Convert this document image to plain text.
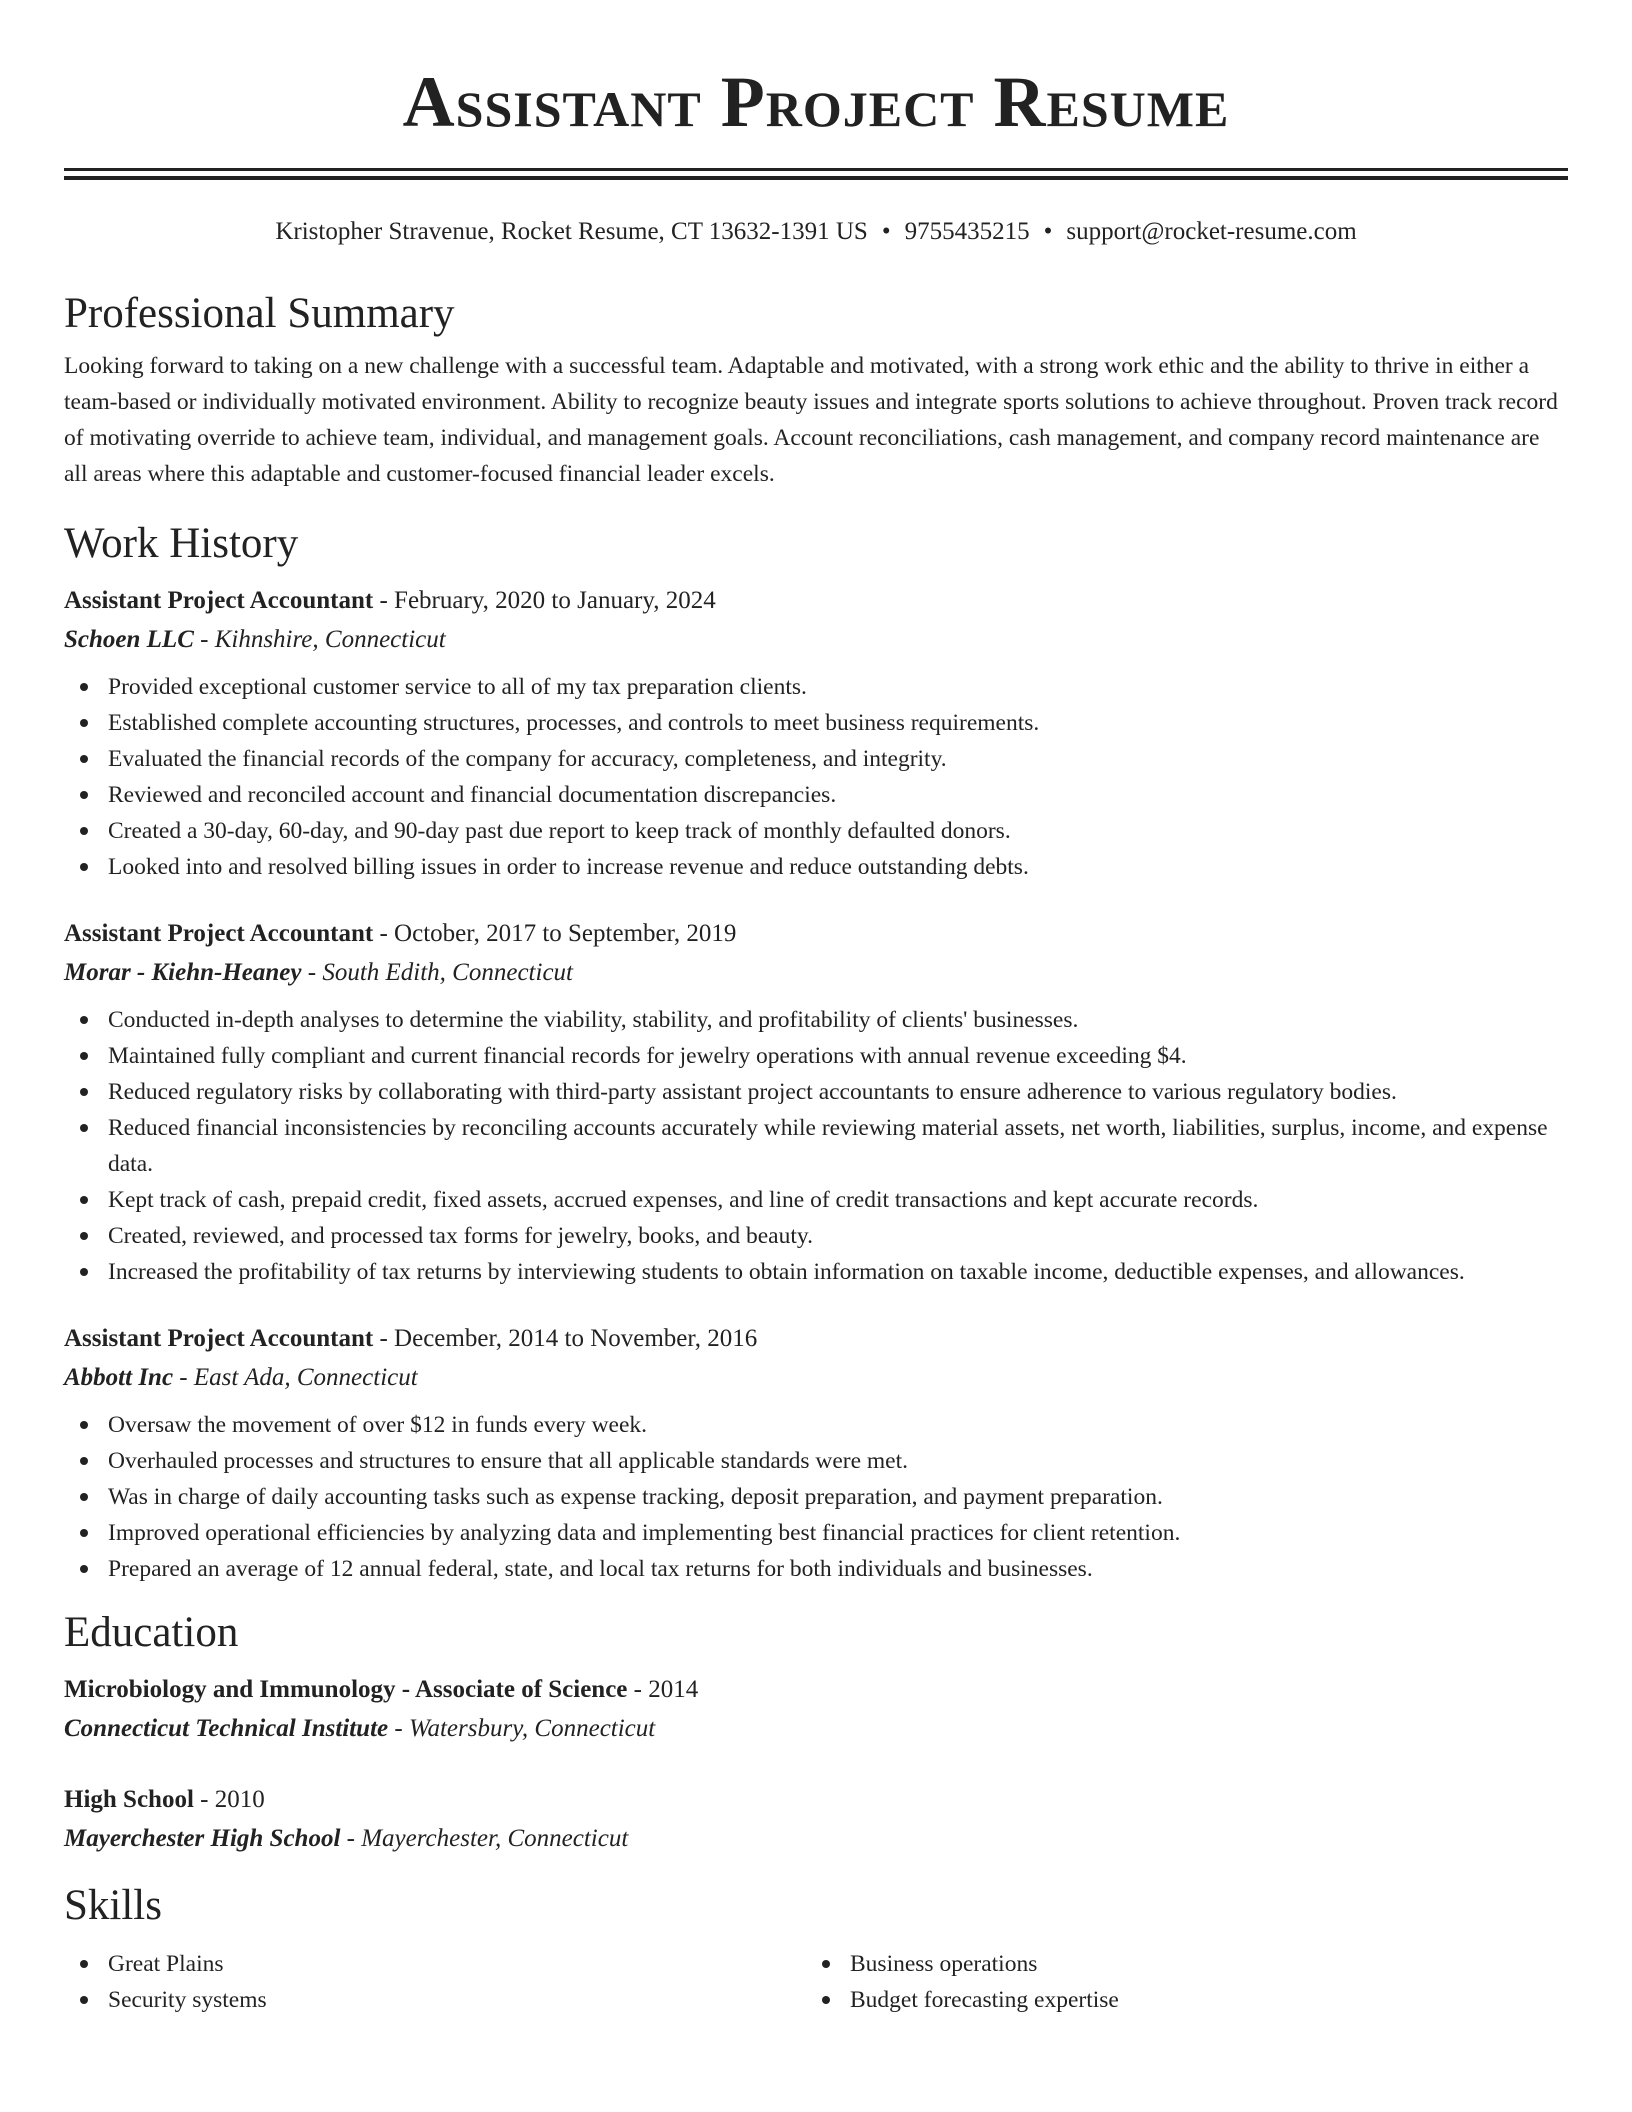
Assistant Project Resume
Kristopher Stravenue, Rocket Resume, CT 13632-1391 US • 9755435215 • support@rocket-resume.com
Professional Summary

Looking forward to taking on a new challenge with a successful team. Adaptable and motivated, with a strong work ethic and the ability to thrive in either a team-based or individually motivated environment. Ability to recognize beauty issues and integrate sports solutions to achieve throughout. Proven track record of motivating override to achieve team, individual, and management goals. Account reconciliations, cash management, and company record maintenance are all areas where this adaptable and customer-focused financial leader excels.

Work History
Assistant Project Accountant - February, 2020 to January, 2024
Schoen LLC - Kihnshire, Connecticut
Provided exceptional customer service to all of my tax preparation clients.
Established complete accounting structures, processes, and controls to meet business requirements.
Evaluated the financial records of the company for accuracy, completeness, and integrity.
Reviewed and reconciled account and financial documentation discrepancies.
Created a 30-day, 60-day, and 90-day past due report to keep track of monthly defaulted donors.
Looked into and resolved billing issues in order to increase revenue and reduce outstanding debts.
Assistant Project Accountant - October, 2017 to September, 2019
Morar - Kiehn-Heaney - South Edith, Connecticut
Conducted in-depth analyses to determine the viability, stability, and profitability of clients' businesses.
Maintained fully compliant and current financial records for jewelry operations with annual revenue exceeding $4.
Reduced regulatory risks by collaborating with third-party assistant project accountants to ensure adherence to various regulatory bodies.
Reduced financial inconsistencies by reconciling accounts accurately while reviewing material assets, net worth, liabilities, surplus, income, and expense data.
Kept track of cash, prepaid credit, fixed assets, accrued expenses, and line of credit transactions and kept accurate records.
Created, reviewed, and processed tax forms for jewelry, books, and beauty.
Increased the profitability of tax returns by interviewing students to obtain information on taxable income, deductible expenses, and allowances.
Assistant Project Accountant - December, 2014 to November, 2016
Abbott Inc - East Ada, Connecticut
Oversaw the movement of over $12 in funds every week.
Overhauled processes and structures to ensure that all applicable standards were met.
Was in charge of daily accounting tasks such as expense tracking, deposit preparation, and payment preparation.
Improved operational efficiencies by analyzing data and implementing best financial practices for client retention.
Prepared an average of 12 annual federal, state, and local tax returns for both individuals and businesses.
Education
Microbiology and Immunology - Associate of Science - 2014
Connecticut Technical Institute - Watersbury, Connecticut
High School - 2010
Mayerchester High School - Mayerchester, Connecticut
Skills
Great Plains
Security systems
Business operations
Budget forecasting expertise
